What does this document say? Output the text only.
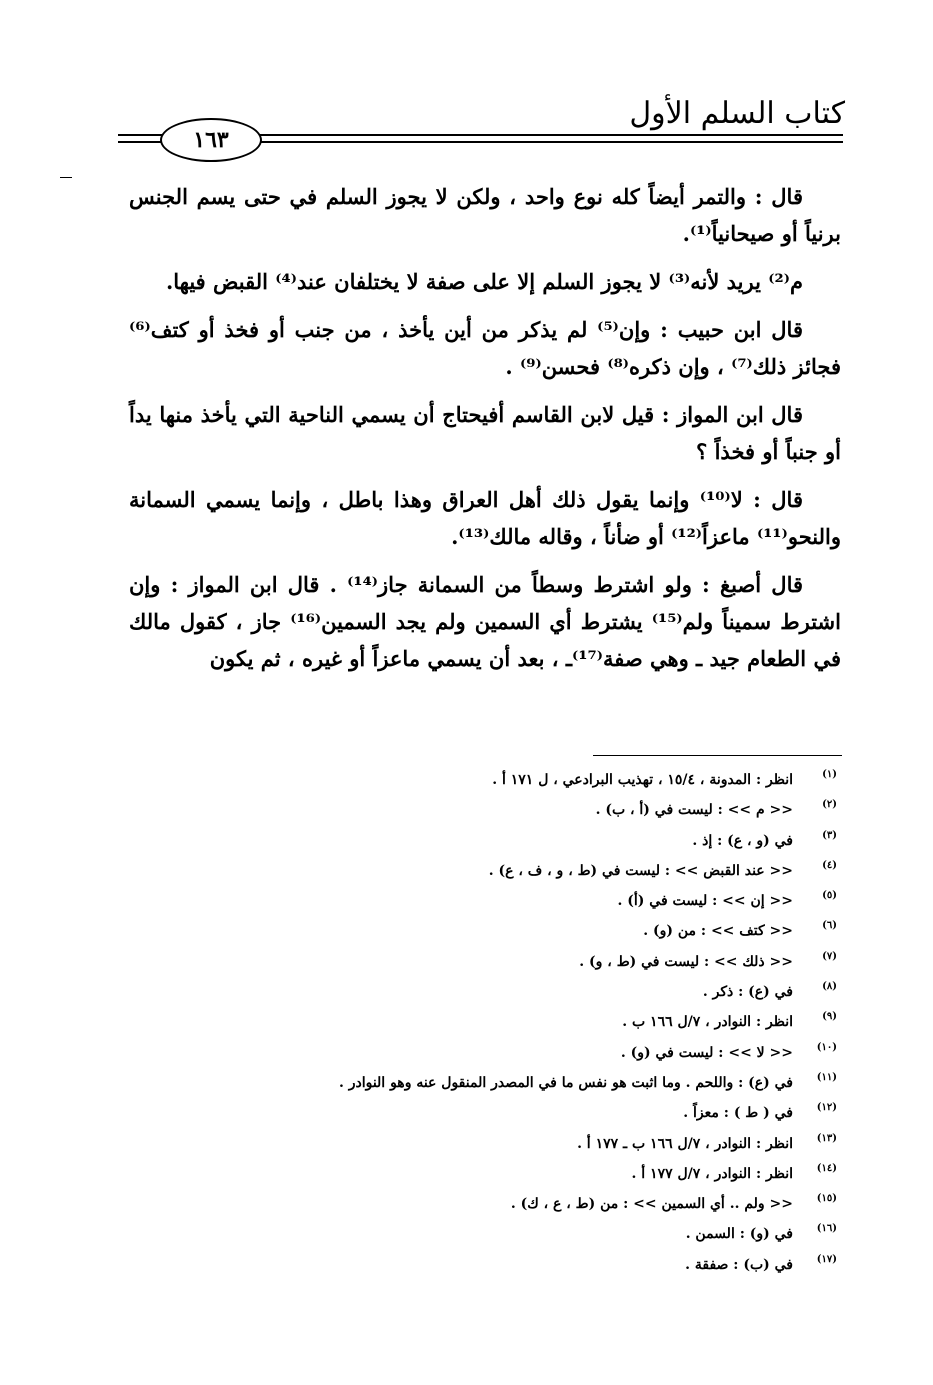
كتاب السلم الأول
١٦٣

قال : والتمر أيضاً كله نوع واحد ، ولكن لا يجوز السلم في حتى يسم الجنس برنياً أو صيحانياً⁽¹⁾.

م⁽²⁾ يريد لأنه⁽³⁾ لا يجوز السلم إلا على صفة لا يختلفان عند⁽⁴⁾ القبض فيها.

قال ابن حبيب : وإن⁽⁵⁾ لم يذكر من أين يأخذ ، من جنب أو فخذ أو كتف⁽⁶⁾ فجائز ذلك⁽⁷⁾ ، وإن ذكره⁽⁸⁾ فحسن⁽⁹⁾ .

قال ابن المواز : قيل لابن القاسم أفيحتاج أن يسمي الناحية التي يأخذ منها يداً أو جنباً أو فخذاً ؟

قال : لا⁽¹⁰⁾ وإنما يقول ذلك أهل العراق وهذا باطل ، وإنما يسمي السمانة والنحو⁽¹¹⁾ ماعزاً⁽¹²⁾ أو ضأناً ، وقاله مالك⁽¹³⁾.

قال أصبغ : ولو اشترط وسطاً من السمانة جاز⁽¹⁴⁾ . قال ابن المواز : وإن اشترط سميناً ولم⁽¹⁵⁾ يشترط أي السمين ولم يجد السمين⁽¹⁶⁾ جاز ، كقول مالك في الطعام جيد ـ وهي صفة⁽¹⁷⁾ـ ، بعد أن يسمي ماعزاً أو غيره ، ثم يكون

(١)
انظر : المدونة ، ١٥/٤ ، تهذيب البرادعي ، ل ١٧١ أ .
(٢)
<< م >> : ليست في (أ ، ب) .
(٣)
في (و ، ع) : إذ .
(٤)
<< عند القبض >> : ليست في (ط ، و ، ف ، ع) .
(٥)
<< إن >> : ليست في (أ) .
(٦)
<< كتف >> : من (و) .
(٧)
<< ذلك >> : ليست في (ط ، و) .
(٨)
في (ع) : ذكر .
(٩)
انظر : النوادر ، ٧/ل ١٦٦ ب .
(١٠)
<< لا >> : ليست في (و) .
(١١)
في (ع) : واللحم . وما اثبت هو نفس ما في المصدر المنقول عنه وهو النوادر .
(١٢)
في ( ط ) : معزاً .
(١٣)
انظر : النوادر ، ٧/ل ١٦٦ ب ـ ١٧٧ أ .
(١٤)
انظر : النوادر ، ٧/ل ١٧٧ أ .
(١٥)
<< ولم .. أي السمين >> : من (ط ، ع ، ك) .
(١٦)
في (و) : السمن .
(١٧)
في (ب) : صفقة .
